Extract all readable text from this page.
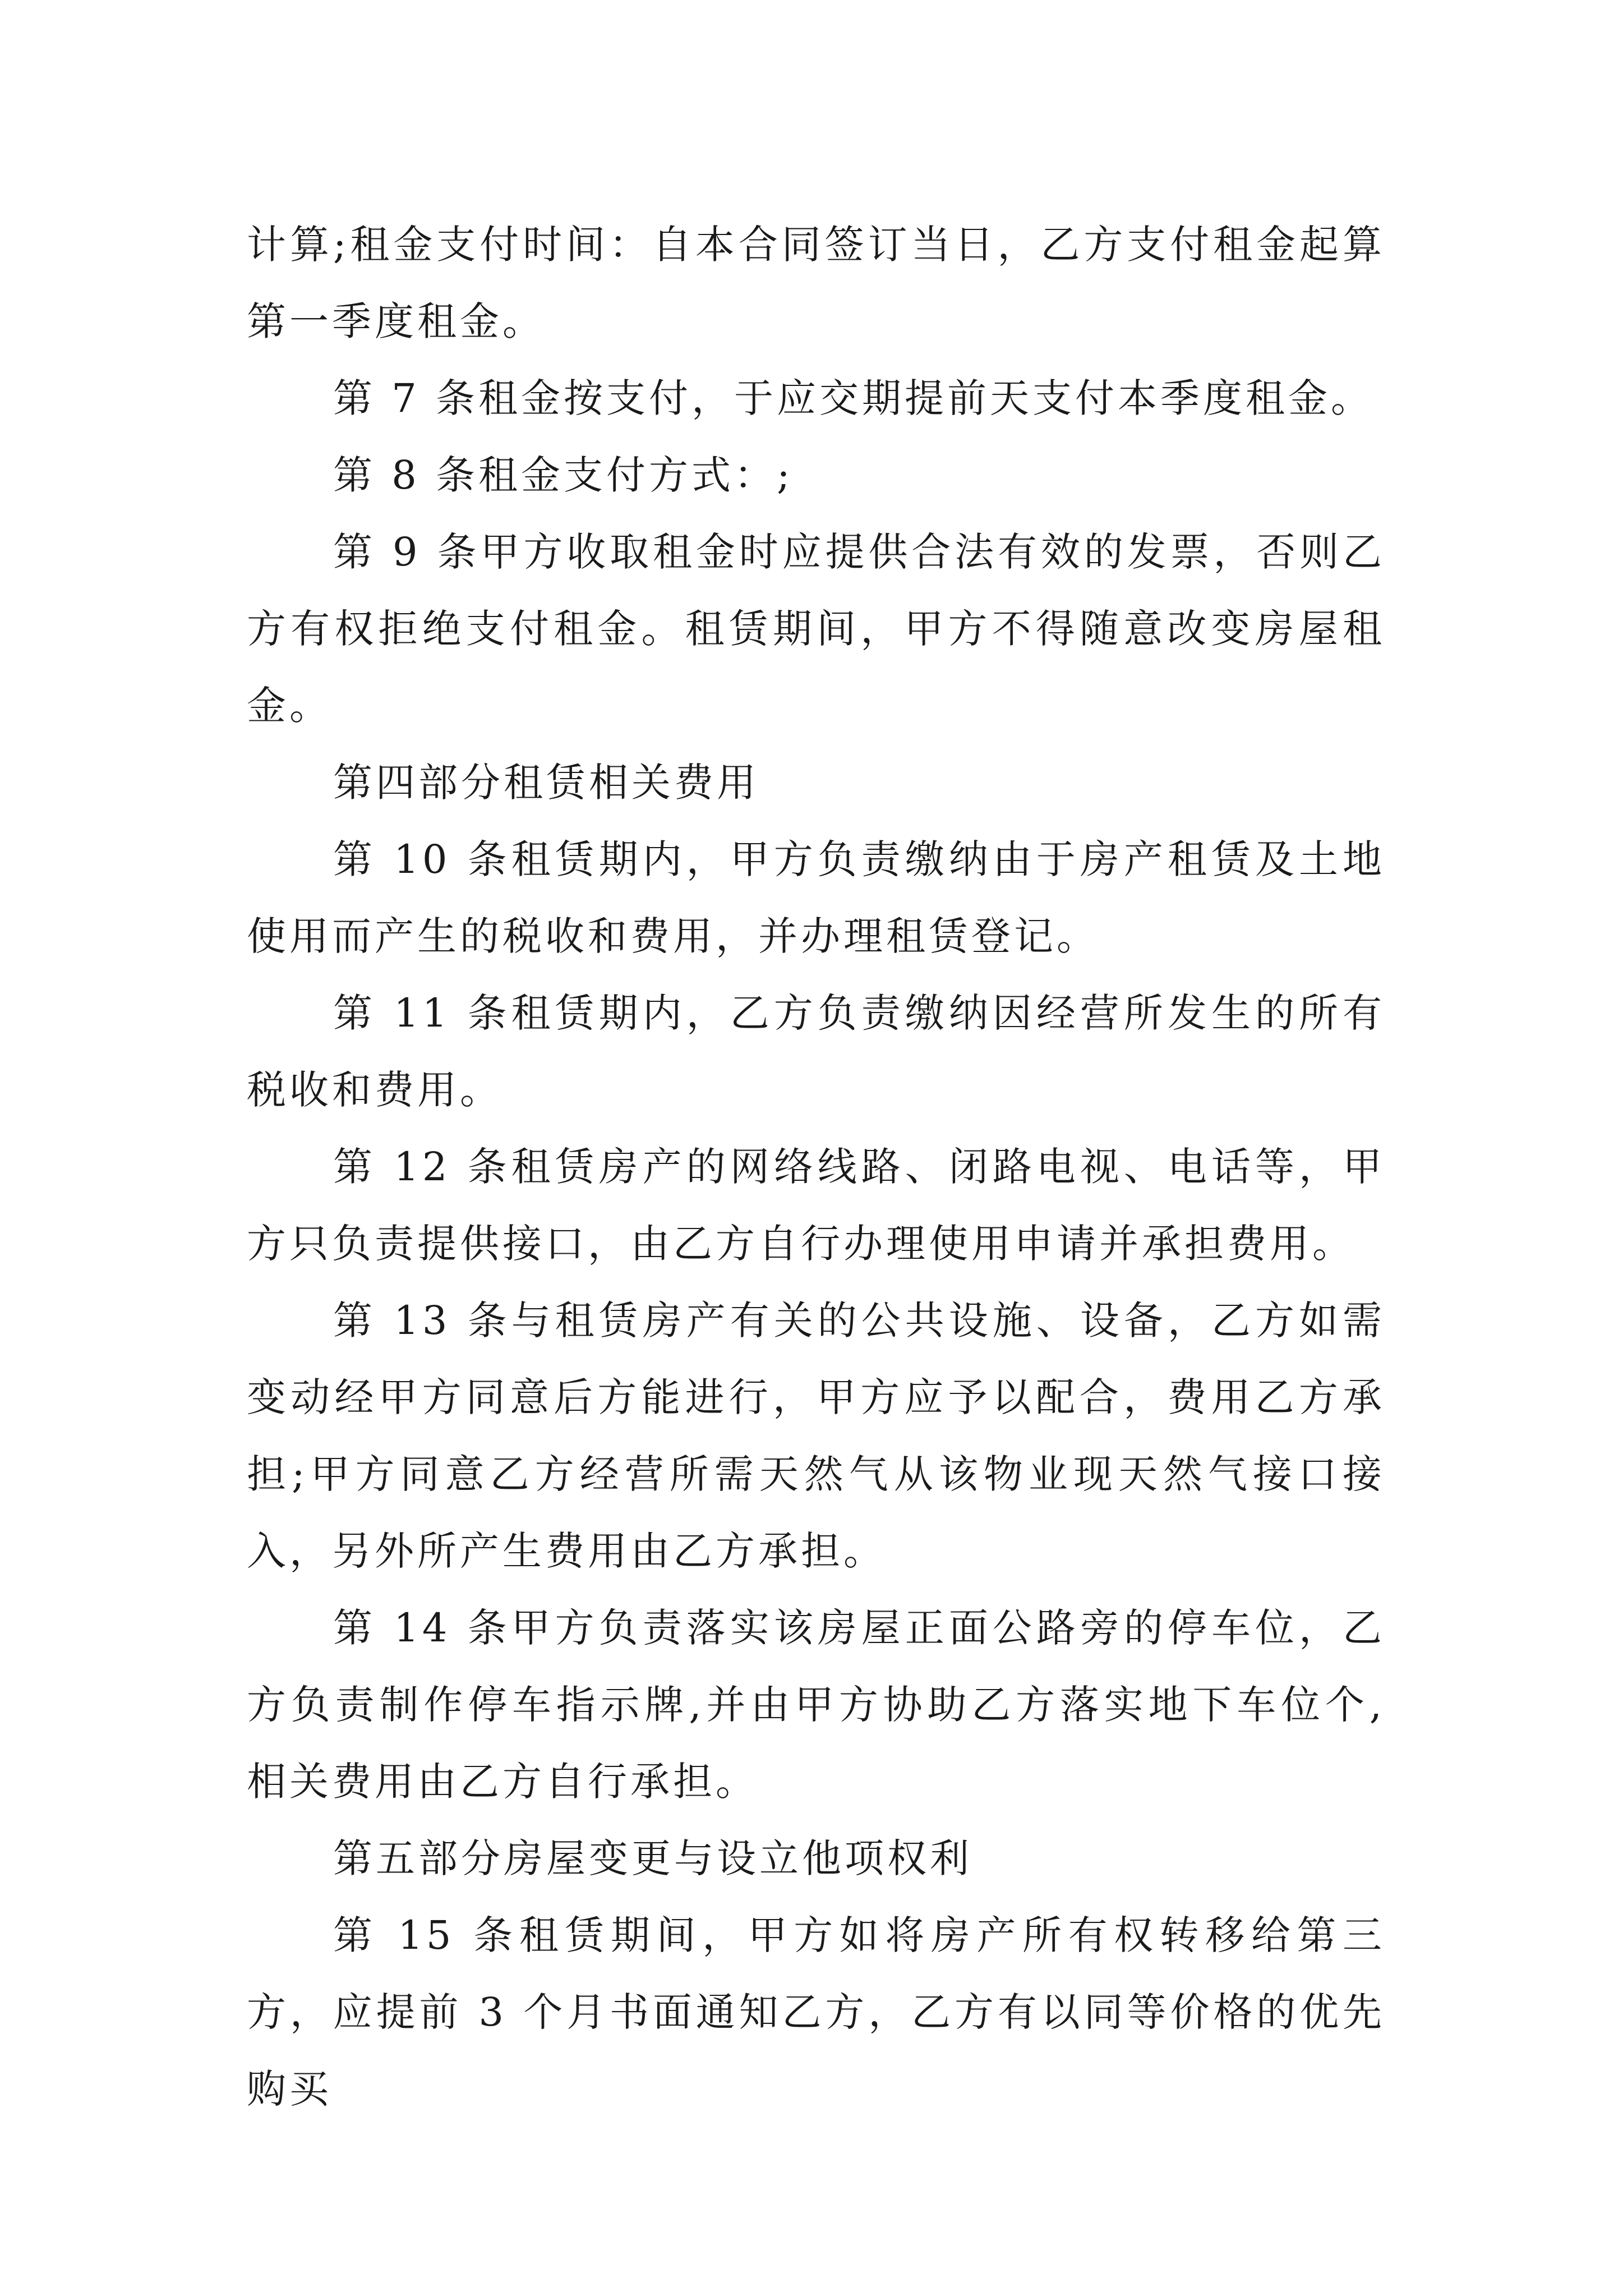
计算;租金支付时间：自本合同签订当日，乙方支付租金起算第一季度租金。

第 7 条租金按支付，于应交期提前天支付本季度租金。

第 8 条租金支付方式：;

第 9 条甲方收取租金时应提供合法有效的发票，否则乙方有权拒绝支付租金。租赁期间，甲方不得随意改变房屋租金。

第四部分租赁相关费用

第 10 条租赁期内，甲方负责缴纳由于房产租赁及土地使用而产生的税收和费用，并办理租赁登记。

第 11 条租赁期内，乙方负责缴纳因经营所发生的所有税收和费用。

第 12 条租赁房产的网络线路、闭路电视、电话等，甲方只负责提供接口，由乙方自行办理使用申请并承担费用。

第 13 条与租赁房产有关的公共设施、设备，乙方如需变动经甲方同意后方能进行，甲方应予以配合，费用乙方承担;甲方同意乙方经营所需天然气从该物业现天然气接口接入，另外所产生费用由乙方承担。

第 14 条甲方负责落实该房屋正面公路旁的停车位，乙方负责制作停车指示牌,并由甲方协助乙方落实地下车位个,相关费用由乙方自行承担。

第五部分房屋变更与设立他项权利

第 15 条租赁期间，甲方如将房产所有权转移给第三方，应提前 3 个月书面通知乙方，乙方有以同等价格的优先购买
